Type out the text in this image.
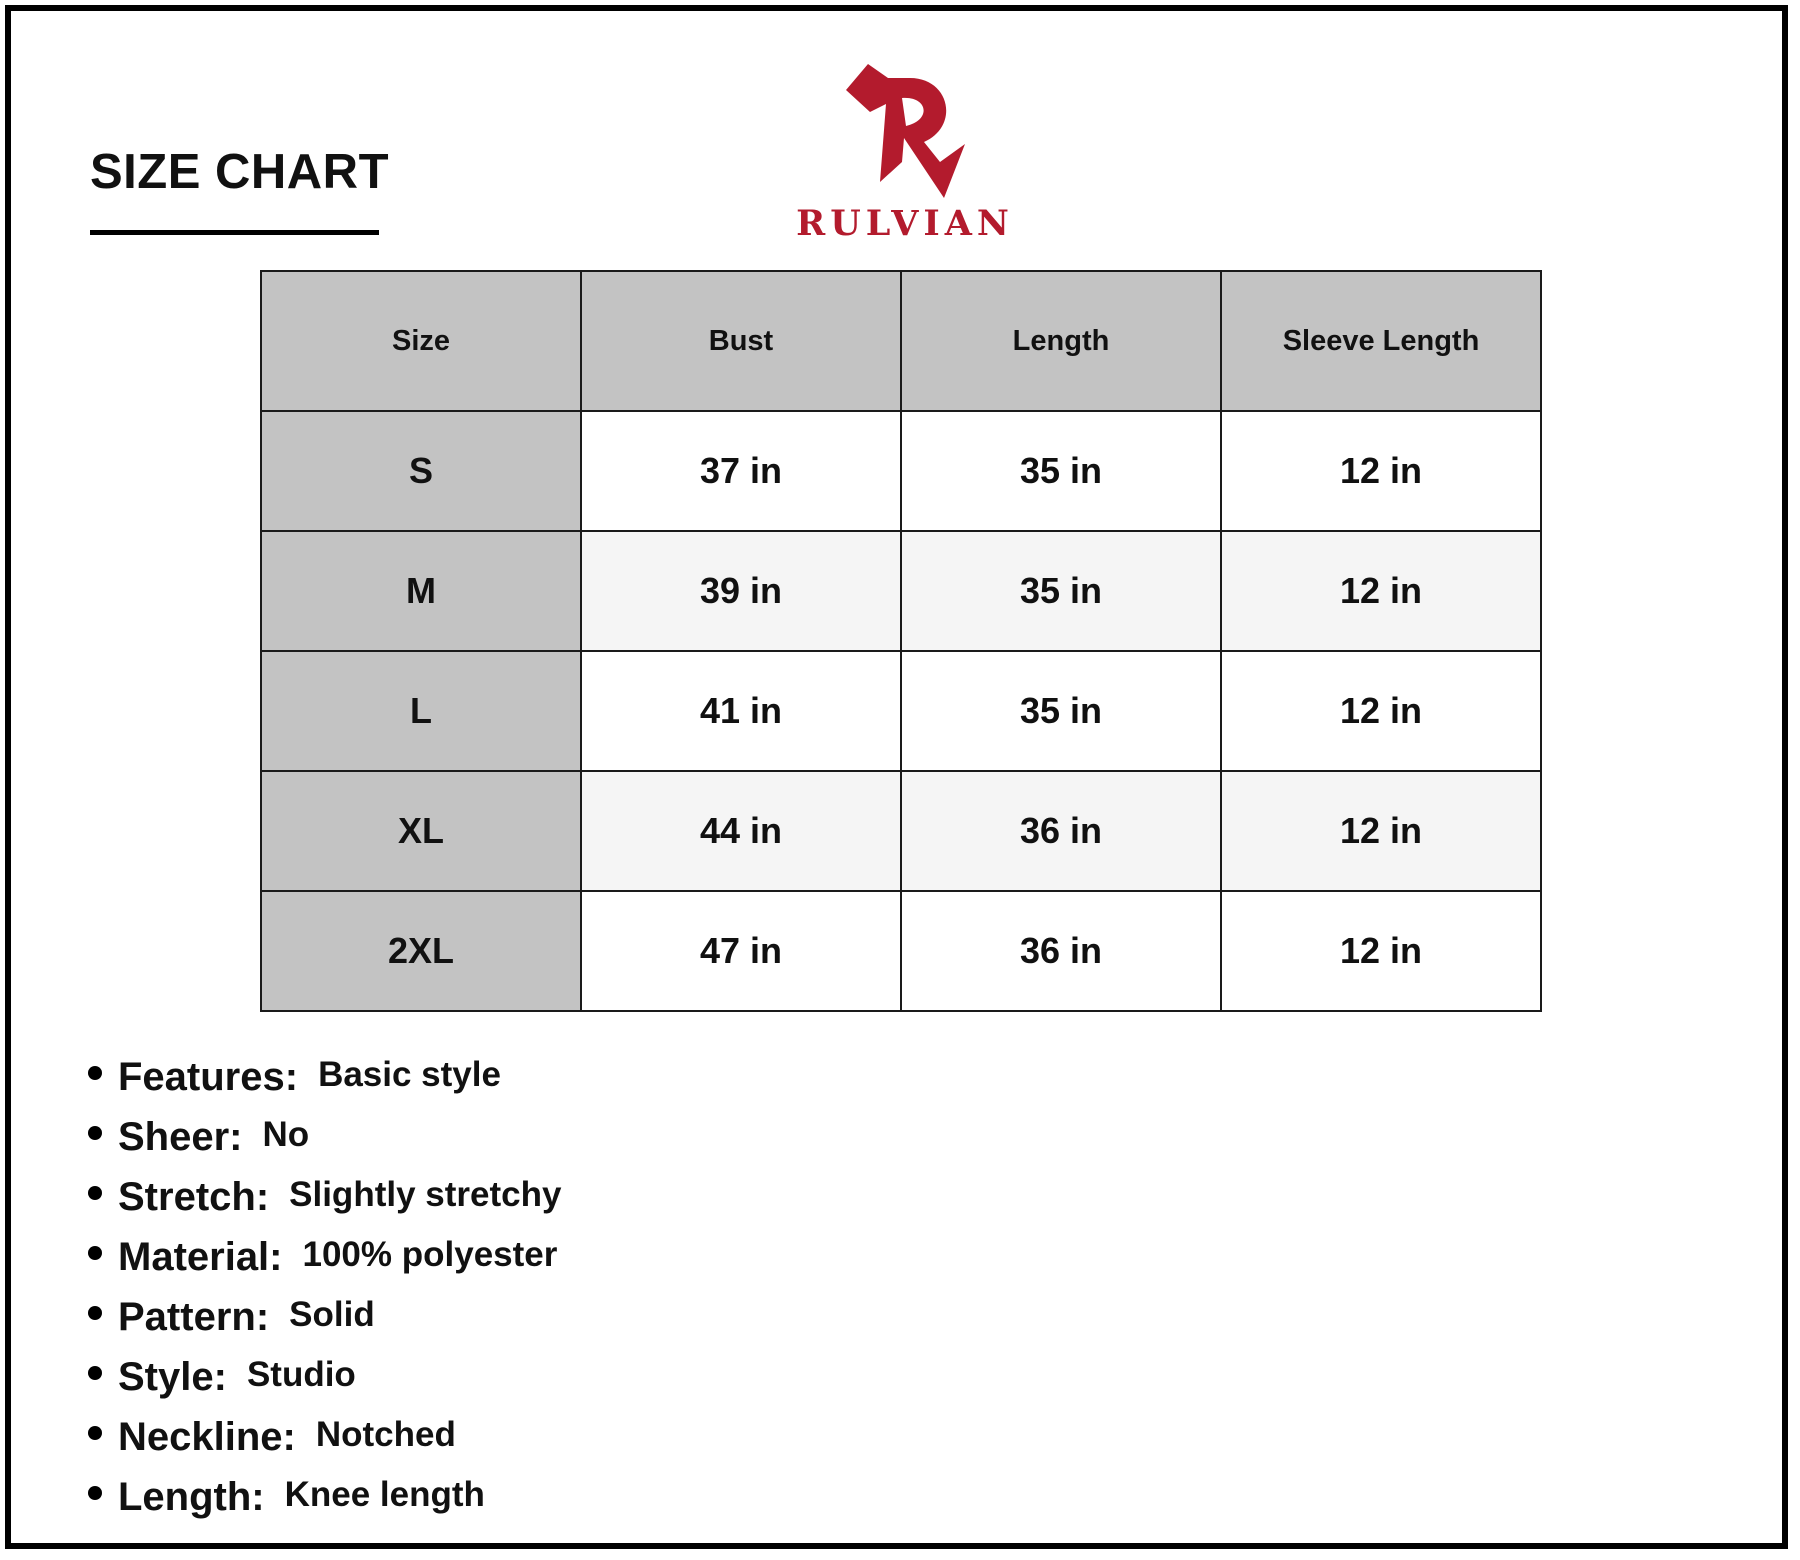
SIZE CHART
RULVIAN
Size	Bust	Length	Sleeve Length
S	37 in	35 in	12 in
M	39 in	35 in	12 in
L	41 in	35 in	12 in
XL	44 in	36 in	12 in
2XL	47 in	36 in	12 in
Features: Basic style
Sheer: No
Stretch: Slightly stretchy
Material: 100% polyester
Pattern: Solid
Style: Studio
Neckline: Notched
Length: Knee length
